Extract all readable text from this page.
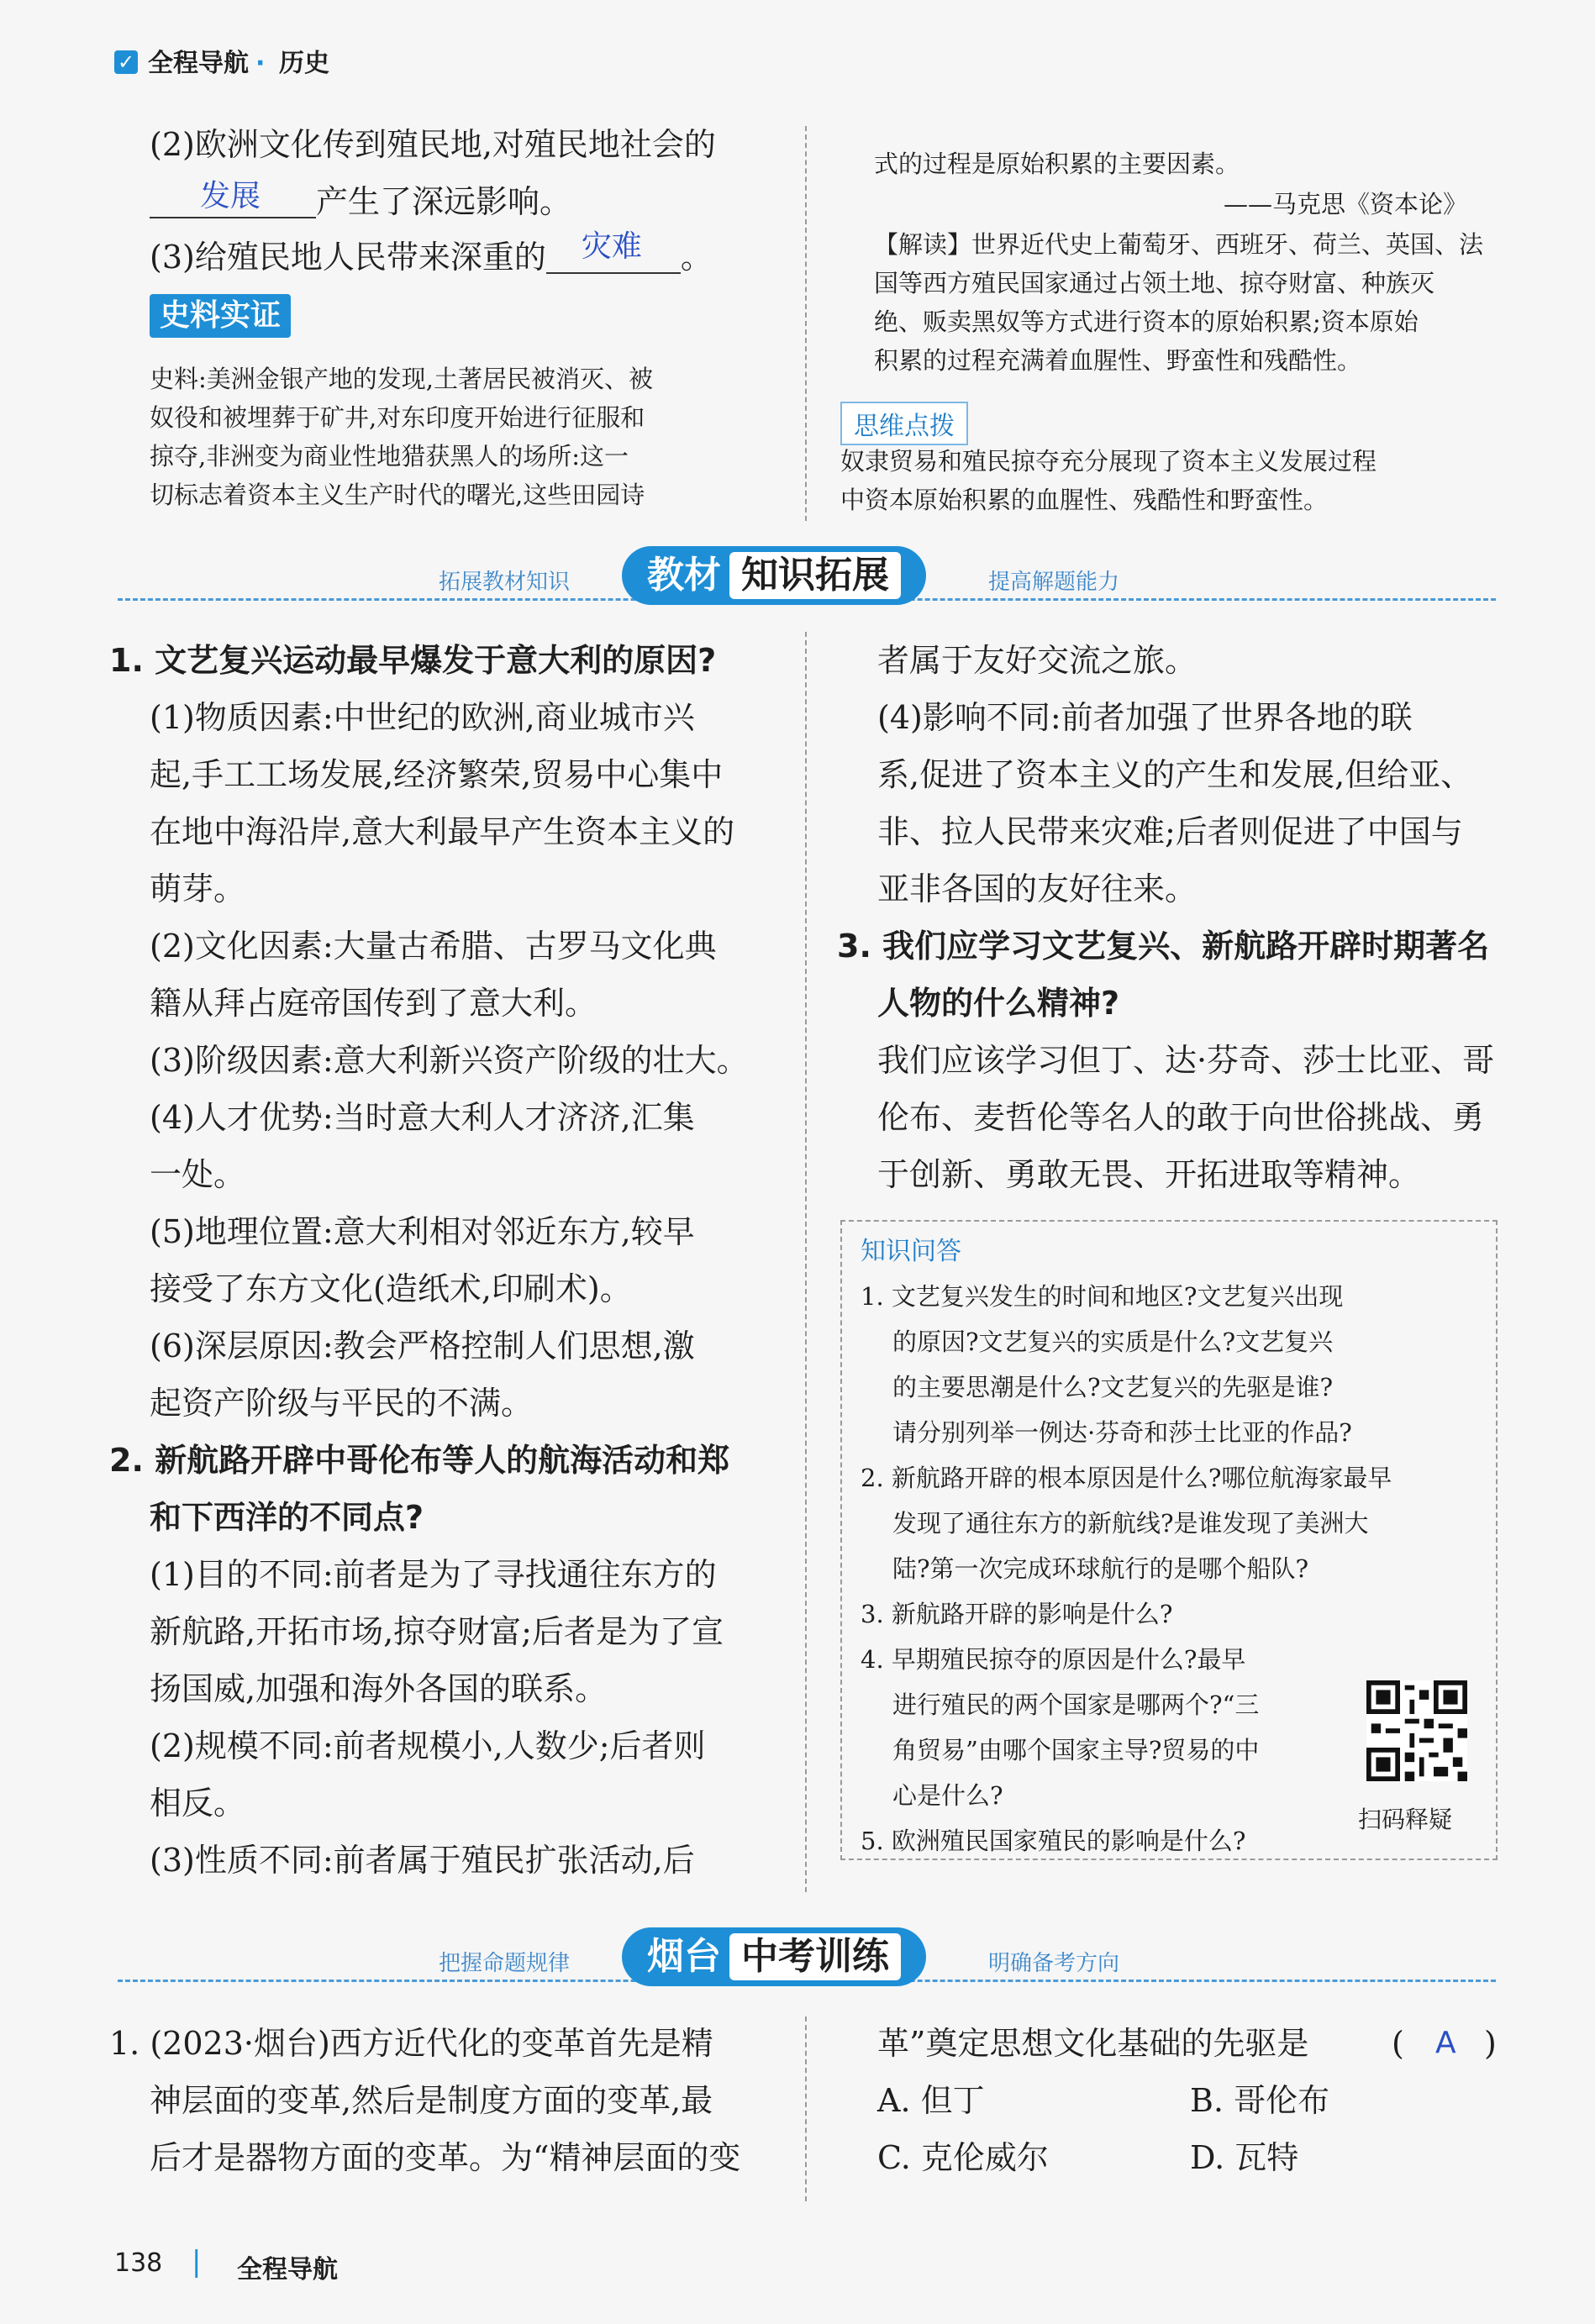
✓ 全程导航 · 历史
(2)欧洲文化传到殖民地,对殖民地社会的
发展 产生了深远影响。
(3)给殖民地人民带来深重的 灾难 。
史料实证
史料:美洲金银产地的发现,土著居民被消灭、被
奴役和被埋葬于矿井,对东印度开始进行征服和
掠夺,非洲变为商业性地猎获黑人的场所:这一
切标志着资本主义生产时代的曙光,这些田园诗
式的过程是原始积累的主要因素。
——马克思《资本论》
【解读】世界近代史上葡萄牙、西班牙、荷兰、英国、法
国等西方殖民国家通过占领土地、掠夺财富、种族灭
绝、贩卖黑奴等方式进行资本的原始积累;资本原始
积累的过程充满着血腥性、野蛮性和残酷性。
思维点拨
奴隶贸易和殖民掠夺充分展现了资本主义发展过程
中资本原始积累的血腥性、残酷性和野蛮性。
拓展教材知识	教材 知识拓展	提高解题能力
1. 文艺复兴运动最早爆发于意大利的原因?
(1)物质因素:中世纪的欧洲,商业城市兴
起,手工工场发展,经济繁荣,贸易中心集中
在地中海沿岸,意大利最早产生资本主义的
萌芽。
(2)文化因素:大量古希腊、古罗马文化典
籍从拜占庭帝国传到了意大利。
(3)阶级因素:意大利新兴资产阶级的壮大。
(4)人才优势:当时意大利人才济济,汇集
一处。
(5)地理位置:意大利相对邻近东方,较早
接受了东方文化(造纸术,印刷术)。
(6)深层原因:教会严格控制人们思想,激
起资产阶级与平民的不满。
2. 新航路开辟中哥伦布等人的航海活动和郑
和下西洋的不同点?
(1)目的不同:前者是为了寻找通往东方的
新航路,开拓市场,掠夺财富;后者是为了宣
扬国威,加强和海外各国的联系。
(2)规模不同:前者规模小,人数少;后者则
相反。
(3)性质不同:前者属于殖民扩张活动,后
者属于友好交流之旅。
(4)影响不同:前者加强了世界各地的联
系,促进了资本主义的产生和发展,但给亚、
非、拉人民带来灾难;后者则促进了中国与
亚非各国的友好往来。
3. 我们应学习文艺复兴、新航路开辟时期著名
人物的什么精神?
我们应该学习但丁、达·芬奇、莎士比亚、哥
伦布、麦哲伦等名人的敢于向世俗挑战、勇
于创新、勇敢无畏、开拓进取等精神。
知识问答
1. 文艺复兴发生的时间和地区?文艺复兴出现
的原因?文艺复兴的实质是什么?文艺复兴
的主要思潮是什么?文艺复兴的先驱是谁?
请分别列举一例达·芬奇和莎士比亚的作品?
2. 新航路开辟的根本原因是什么?哪位航海家最早
发现了通往东方的新航线?是谁发现了美洲大
陆?第一次完成环球航行的是哪个船队?
3. 新航路开辟的影响是什么?
4. 早期殖民掠夺的原因是什么?最早
进行殖民的两个国家是哪两个?“三
角贸易”由哪个国家主导?贸易的中
心是什么?
5. 欧洲殖民国家殖民的影响是什么?
扫码释疑
把握命题规律	烟台 中考训练	明确备考方向
1. (2023·烟台)西方近代化的变革首先是精
神层面的变革,然后是制度方面的变革,最
后才是器物方面的变革。为“精神层面的变
革”奠定思想文化基础的先驱是	( A )
A. 但丁	B. 哥伦布
C. 克伦威尔	D. 瓦特
138 | 全程导航
